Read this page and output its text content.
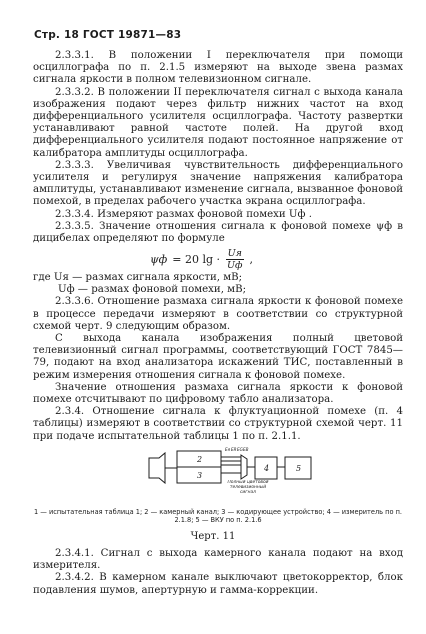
Стр. 18 ГОСТ 19871—83

2.3.3.1. В положении I переключателя при помощи осциллографа по п. 2.1.5 измеряют на выходе звена размах сигнала яркости в полном телевизионном сигнале.

2.3.3.2. В положении II переключателя сигнал с выхода канала изображения подают через фильтр нижних частот на вход дифференциального усилителя осциллографа. Частоту развертки устанавливают равной частоте полей. На другой вход дифференциального усилителя подают постоянное напряжение от калибратора амплитуды осциллографа.

2.3.3.3. Увеличивая чувствительность дифференциального усилителя и регулируя значение напряжения калибратора амплитуды, устанавливают изменение сигнала, вызванное фоновой помехой, в пределах рабочего участка экрана осциллографа.

2.3.3.4. Измеряют размах фоновой помехи Uф .

2.3.3.5. Значение отношения сигнала к фоновой помехе ψф в дицибелах определяют по формуле

ψф = 20 $\lg \cdot \frac{Uя}{Uф}$ ,

где Uя — размах сигнала яркости, мВ;

Uф — размах фоновой помехи, мВ;

2.3.3.6. Отношение размаха сигнала яркости к фоновой помехе в процессе передачи измеряют в соответствии со структурной схемой черт. 9 следующим образом.

С выхода канала изображения полный цветовой телевизионный сигнал программы, соответствующий ГОСТ 7845—79, подают на вход анализатора искажений ТИС, поставленный в режим измерения отношения сигнала к фоновой помехе.

Значение отношения размаха сигнала яркости к фоновой помехе отсчитывают по цифровому табло анализатора.

2.3.4. Отношение сигнала к флуктуационной помехе (п. 4 таблицы) измеряют в соответствии со структурной схемой черт. 11 при подаче испытательной таблицы 1 по п. 2.1.1.

2
3
4	5
Eя ER EG EB
Полный цветовой телевизионный сигнал
1 — испытательная таблица 1; 2 — камерный канал; 3 — кодирующее устройство; 4 — измеритель по п. 2.1.8; 5 — ВКУ по п. 2.1.6
Черт. 11

2.3.4.1. Сигнал с выхода камерного канала подают на вход измерителя.

2.3.4.2. В камерном канале выключают цветокорректор, блок подавления шумов, апертурную и гамма-коррекции.
